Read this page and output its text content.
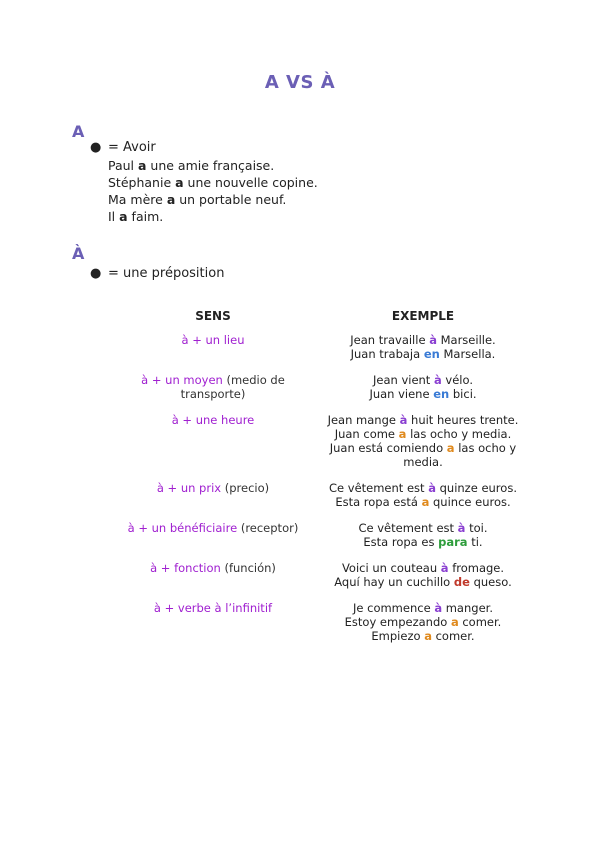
A VS À
A
● = Avoir
Paul a une amie française.
Stéphanie a une nouvelle copine.
Ma mère a un portable neuf.
Il a faim.
À
● = une préposition
SENS	EXEMPLE
à + un lieu	Jean travaille à Marseille.
Juan trabaja en Marsella.

à + un moyen (medio de transporte)	Jean vient à vélo.
Juan viene en bici.

à + une heure	Jean mange à huit heures trente.
Juan come a las ocho y media.
Juan está comiendo a las ocho y media.

à + un prix (precio)	Ce vêtement est à quinze euros.
Esta ropa está a quince euros.

à + un bénéficiaire (receptor)	Ce vêtement est à toi.
Esta ropa es para ti.

à + fonction (función)	Voici un couteau à fromage.
Aquí hay un cuchillo de queso.

à + verbe à l’infinitif	Je commence à manger.
Estoy empezando a comer.
Empiezo a comer.
